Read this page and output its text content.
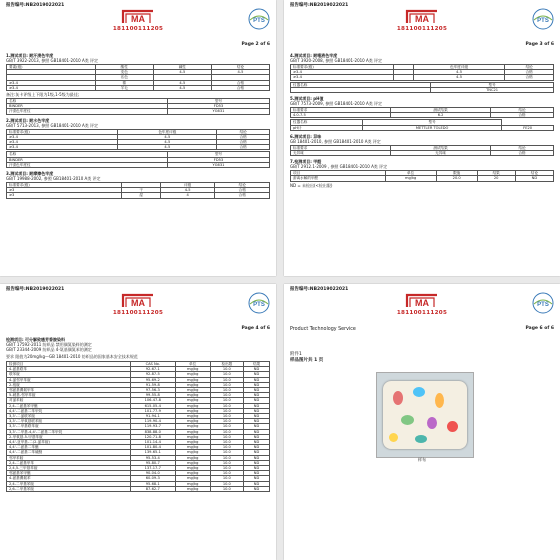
报告编号:NB2019022021
MA
181100111205
PTS
Page 2 of 6
1.测试项目: 耐汗渍色牢度
GB/T 3922-2013, 参照 GB18401-2010 A类 评定
要素(级)	酸性	碱性	结论
	变色	4-5	4-5
	沾色		
≥3-4	棉	4-5	合格
≥3-4	羊毛	4-5	合格
备注:灰卡评级上下限为1级,1-5级为最佳;
名称	型号
BINDER	FD53
汗渍色牢度仪	YG631
2.测试项目: 耐水色牢度
GB/T 5713-2013, 参照 GB18401-2010 A类 评定
标准要求(级)	色牢度评级	结论
≥3-4	4-5	合格
≥3-4	4-5	合格
≥3-4	4-5	合格
名称	型号
BINDER	FD53
汗渍色牢度仪	YG631
3.测试项目: 耐摩擦色牢度
GB/T 19988-2002, 参照 GB18401-2010 A类 评定
标准要求(级)		评级	结论
≥3	干	4-5	合格
≥3	湿	4	合格
报告编号:NB2019022021
MA
181100111205
PTS
Page 3 of 6
4.测试项目: 耐唾液色牢度
GB/T 3920-2008, 参照 GB18401-2010 A类 评定
标准要求(级)		色牢度评级	结论
≥3-4		4-5	合格
≥3-4		4-5	合格
仪器名称	型号
	TNC21
5.测试项目: pH值
GB/T 7573-2009, 参照 GB18401-2010 A类 评定
标准要求	测试结果	结论
4.0-7.5	6.2	合格
仪器名称	型号	
pH计	METTLER TOLEDO	FE20
6.测试项目: 异味
GB 18401-2010, 参照 GB18401-2010 A类 评定
标准要求	测试结果	结论
无异味	无异味	合格
7.检测项目: 甲醛
GB/T 2912.1-2009 , 参照 GB18401-2010 A类 评定
项目	单位	限值	结果	结论
游离水解的甲醛	mg/kg	20.0	20	ND
ND = 未检出(<检出限)
报告编号:NB2019022021
MA
181100111205
PTS
Page 4 of 6
检测项目: 可分解致癌芳香胺染料
GB/T 17592-2011 纺织品 禁用偶氮染料的测定
GB/T 23344-2009 纺织品 4-氨基偶氮苯的测定
要求 限值为20mg/kg—GB 18401-2010 纺织品的国家基本安全技术规范
检测项目	CAS No.	单位	检出限	结果
4-氨基联苯	92-67-1	mg/kg	10.0	ND
联苯胺	92-87-5	mg/kg	10.0	ND
4-氯邻甲苯胺	95-69-2	mg/kg	10.0	ND
2-萘胺	91-59-8	mg/kg	10.0	ND
邻氨基偶氮甲苯	97-56-3	mg/kg	10.0	ND
5-硝基-邻甲苯胺	99-55-8	mg/kg	10.0	ND
对氯苯胺	106-47-8	mg/kg	10.0	ND
2,4-二氨基苯甲醚	615-05-4	mg/kg	10.0	ND
4,4'-二氨基二苯甲烷	101-77-9	mg/kg	10.0	ND
3,3'-二氯联苯胺	91-94-1	mg/kg	10.0	ND
3,3'-二甲氧基联苯胺	119-90-4	mg/kg	10.0	ND
3,3'-二甲基联苯胺	119-93-7	mg/kg	10.0	ND
3,3'-二甲基-4,4'-二氨基二苯甲烷	838-88-0	mg/kg	10.0	ND
2-甲氧基-5-甲基苯胺	120-71-8	mg/kg	10.0	ND
4,4'-亚甲基-二(2-氯苯胺)	101-14-4	mg/kg	10.0	ND
4,4'-二氨基二苯醚	101-80-4	mg/kg	10.0	ND
4,4'-二氨基二苯硫醚	139-65-1	mg/kg	10.0	ND
邻甲苯胺	95-53-4	mg/kg	10.0	ND
2,4-二氨基甲苯	95-80-7	mg/kg	10.0	ND
2,4,5-三甲基苯胺	137-17-7	mg/kg	10.0	ND
邻氨基苯甲醚	90-04-0	mg/kg	10.0	ND
4-氨基偶氮苯	60-09-3	mg/kg	10.0	ND
2,4-二甲基苯胺	95-68-1	mg/kg	10.0	ND
2,6-二甲基苯胺	87-62-7	mg/kg	10.0	ND
报告编号:NB2019022021
MA
181100111205
PTS
Product Technology Service	Page 6 of 6
附件1
样品图片共 1 页
样布
